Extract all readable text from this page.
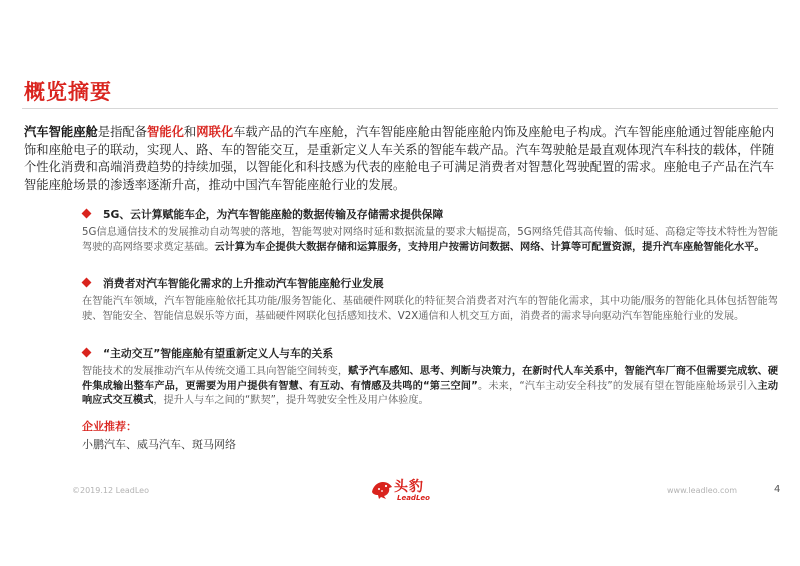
概览摘要

汽车智能座舱是指配备智能化和网联化车载产品的汽车座舱，汽车智能座舱由智能座舱内饰及座舱电子构成。汽车智能座舱通过智能座舱内饰和座舱电子的联动，实现人、路、车的智能交互，是重新定义人车关系的智能车载产品。汽车驾驶舱是最直观体现汽车科技的载体，伴随个性化消费和高端消费趋势的持续加强，以智能化和科技感为代表的座舱电子可满足消费者对智慧化驾驶配置的需求。座舱电子产品在汽车智能座舱场景的渗透率逐渐升高，推动中国汽车智能座舱行业的发展。

5G、云计算赋能车企，为汽车智能座舱的数据传输及存储需求提供保障

5G信息通信技术的发展推动自动驾驶的落地，智能驾驶对网络时延和数据流量的要求大幅提高，5G网络凭借其高传输、低时延、高稳定等技术特性为智能驾驶的高网络要求奠定基础。云计算为车企提供大数据存储和运算服务，支持用户按需访问数据、网络、计算等可配置资源，提升汽车座舱智能化水平。

消费者对汽车智能化需求的上升推动汽车智能座舱行业发展

在智能汽车领域，汽车智能座舱依托其功能/服务智能化、基础硬件网联化的特征契合消费者对汽车的智能化需求，其中功能/服务的智能化具体包括智能驾驶、智能安全、智能信息娱乐等方面，基础硬件网联化包括感知技术、V2X通信和人机交互方面，消费者的需求导向驱动汽车智能座舱行业的发展。

“主动交互”智能座舱有望重新定义人与车的关系

智能技术的发展推动汽车从传统交通工具向智能空间转变，赋予汽车感知、思考、判断与决策力，在新时代人车关系中，智能汽车厂商不但需要完成软、硬件集成输出整车产品，更需要为用户提供有智慧、有互动、有情感及共鸣的“第三空间”。未来，“汽车主动安全科技”的发展有望在智能座舱场景引入主动响应式交互模式，提升人与车之间的“默契”，提升驾驶安全性及用户体验度。

企业推荐：
小鹏汽车、威马汽车、斑马网络
©2019.12 LeadLeo	头豹
LeadLeo
www.leadleo.com	4
